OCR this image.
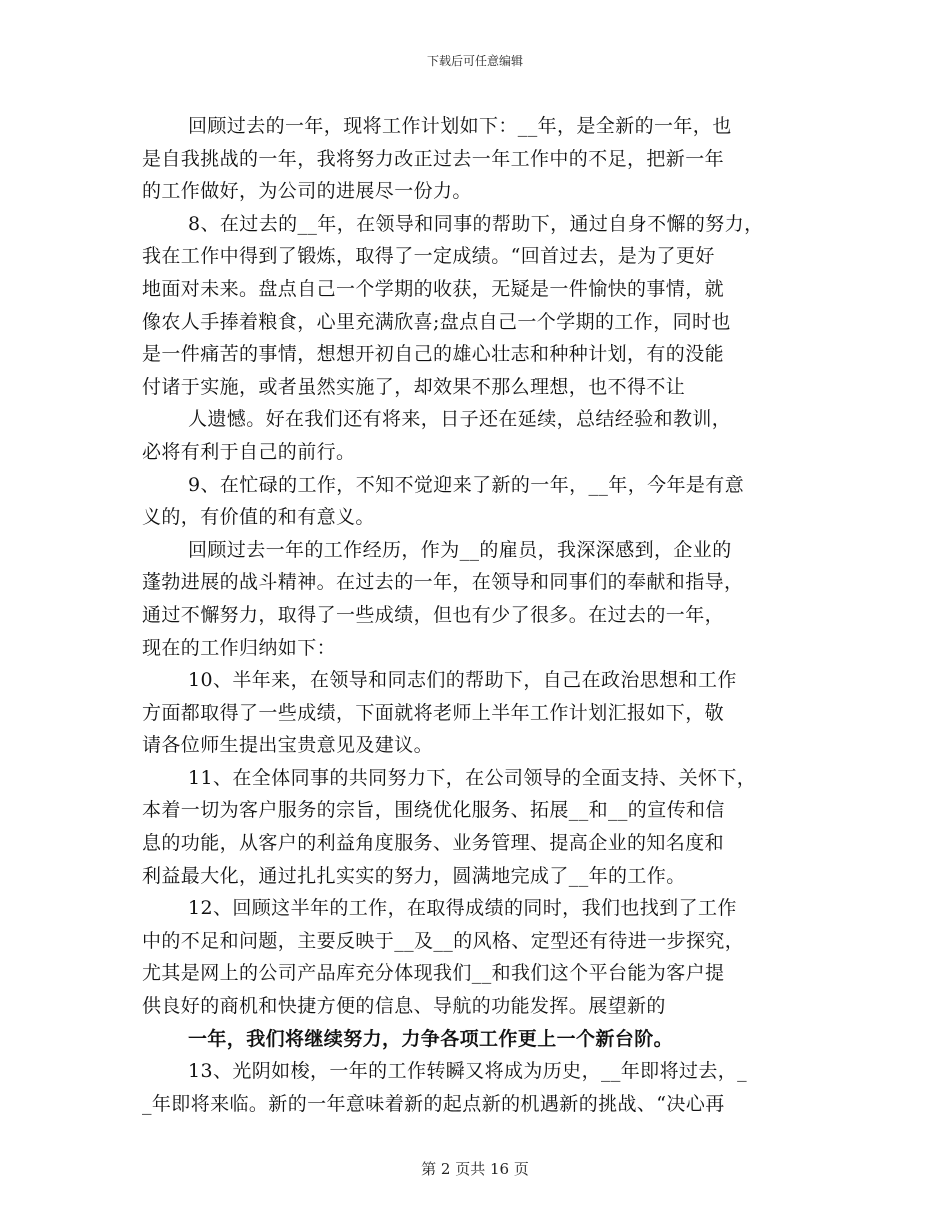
下载后可任意编辑
回顾过去的一年，现将工作计划如下：__年，是全新的一年，也
是自我挑战的一年，我将努力改正过去一年工作中的不足，把新一年
的工作做好，为公司的进展尽一份力。
8、在过去的__年，在领导和同事的帮助下，通过自身不懈的努力，
我在工作中得到了锻炼，取得了一定成绩。“回首过去，是为了更好
地面对未来。盘点自己一个学期的收获，无疑是一件愉快的事情，就
像农人手捧着粮食，心里充满欣喜;盘点自己一个学期的工作，同时也
是一件痛苦的事情，想想开初自己的雄心壮志和种种计划，有的没能
付诸于实施，或者虽然实施了，却效果不那么理想，也不得不让
人遗憾。好在我们还有将来，日子还在延续，总结经验和教训，
必将有利于自己的前行。
9、在忙碌的工作，不知不觉迎来了新的一年，__年，今年是有意
义的，有价值的和有意义。
回顾过去一年的工作经历，作为__的雇员，我深深感到，企业的
蓬勃进展的战斗精神。在过去的一年，在领导和同事们的奉献和指导，
通过不懈努力，取得了一些成绩，但也有少了很多。在过去的一年，
现在的工作归纳如下：
10、半年来，在领导和同志们的帮助下，自己在政治思想和工作
方面都取得了一些成绩，下面就将老师上半年工作计划汇报如下，敬
请各位师生提出宝贵意见及建议。
11、在全体同事的共同努力下，在公司领导的全面支持、关怀下，
本着一切为客户服务的宗旨，围绕优化服务、拓展__和__的宣传和信
息的功能，从客户的利益角度服务、业务管理、提高企业的知名度和
利益最大化，通过扎扎实实的努力，圆满地完成了__年的工作。
12、回顾这半年的工作，在取得成绩的同时，我们也找到了工作
中的不足和问题，主要反映于__及__的风格、定型还有待进一步探究，
尤其是网上的公司产品库充分体现我们__和我们这个平台能为客户提
供良好的商机和快捷方便的信息、导航的功能发挥。展望新的
一年，我们将继续努力，力争各项工作更上一个新台阶。
13、光阴如梭，一年的工作转瞬又将成为历史，__年即将过去，_
_年即将来临。新的一年意味着新的起点新的机遇新的挑战、“决心再
第 2 页共 16 页
